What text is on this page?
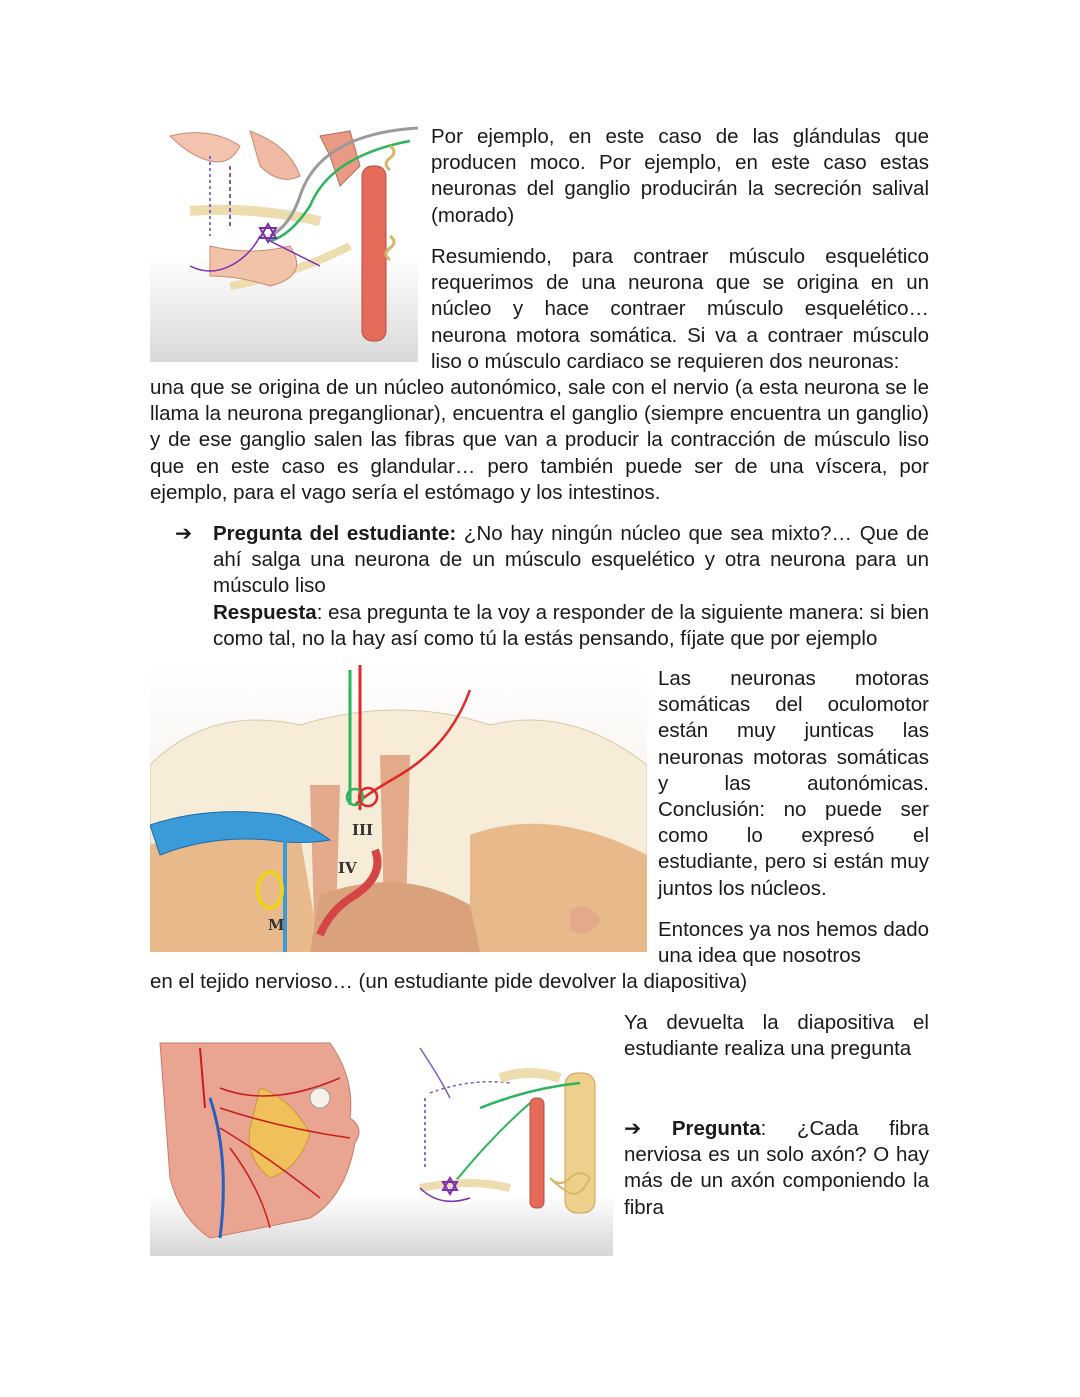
Por ejemplo, en este caso de las glándulas que producen moco. Por ejemplo, en este caso estas neuronas del ganglio producirán la secreción salival (morado)

Resumiendo, para contraer músculo esquelético requerimos de una neurona que se origina en un núcleo y hace contraer músculo esquelético… neurona motora somática. Si va a contraer músculo liso o músculo cardiaco se requieren dos neuronas:

una que se origina de un núcleo autonómico, sale con el nervio (a esta neurona se le llama la neurona preganglionar), encuentra el ganglio (siempre encuentra un ganglio) y de ese ganglio salen las fibras que van a producir la contracción de músculo liso que en este caso es glandular… pero también puede ser de una víscera, por ejemplo, para el vago sería el estómago y los intestinos.

➔ Pregunta del estudiante: ¿No hay ningún núcleo que sea mixto?… Que de ahí salga una neurona de un músculo esquelético y otra neurona para un músculo liso

Respuesta: esa pregunta te la voy a responder de la siguiente manera: si bien como tal, no la hay así como tú la estás pensando, fíjate que por ejemplo

III
IV
M

Las neuronas motoras somáticas del oculomotor están muy junticas las neuronas motoras somáticas y las autonómicas. Conclusión: no puede ser como lo expresó el estudiante, pero si están muy juntos los núcleos.

Entonces ya nos hemos dado una idea que nosotros

en el tejido nervioso… (un estudiante pide devolver la diapositiva)

Ya devuelta la diapositiva el estudiante realiza una pregunta

➔ Pregunta: ¿Cada fibra nerviosa es un solo axón? O hay más de un axón componiendo la fibra
